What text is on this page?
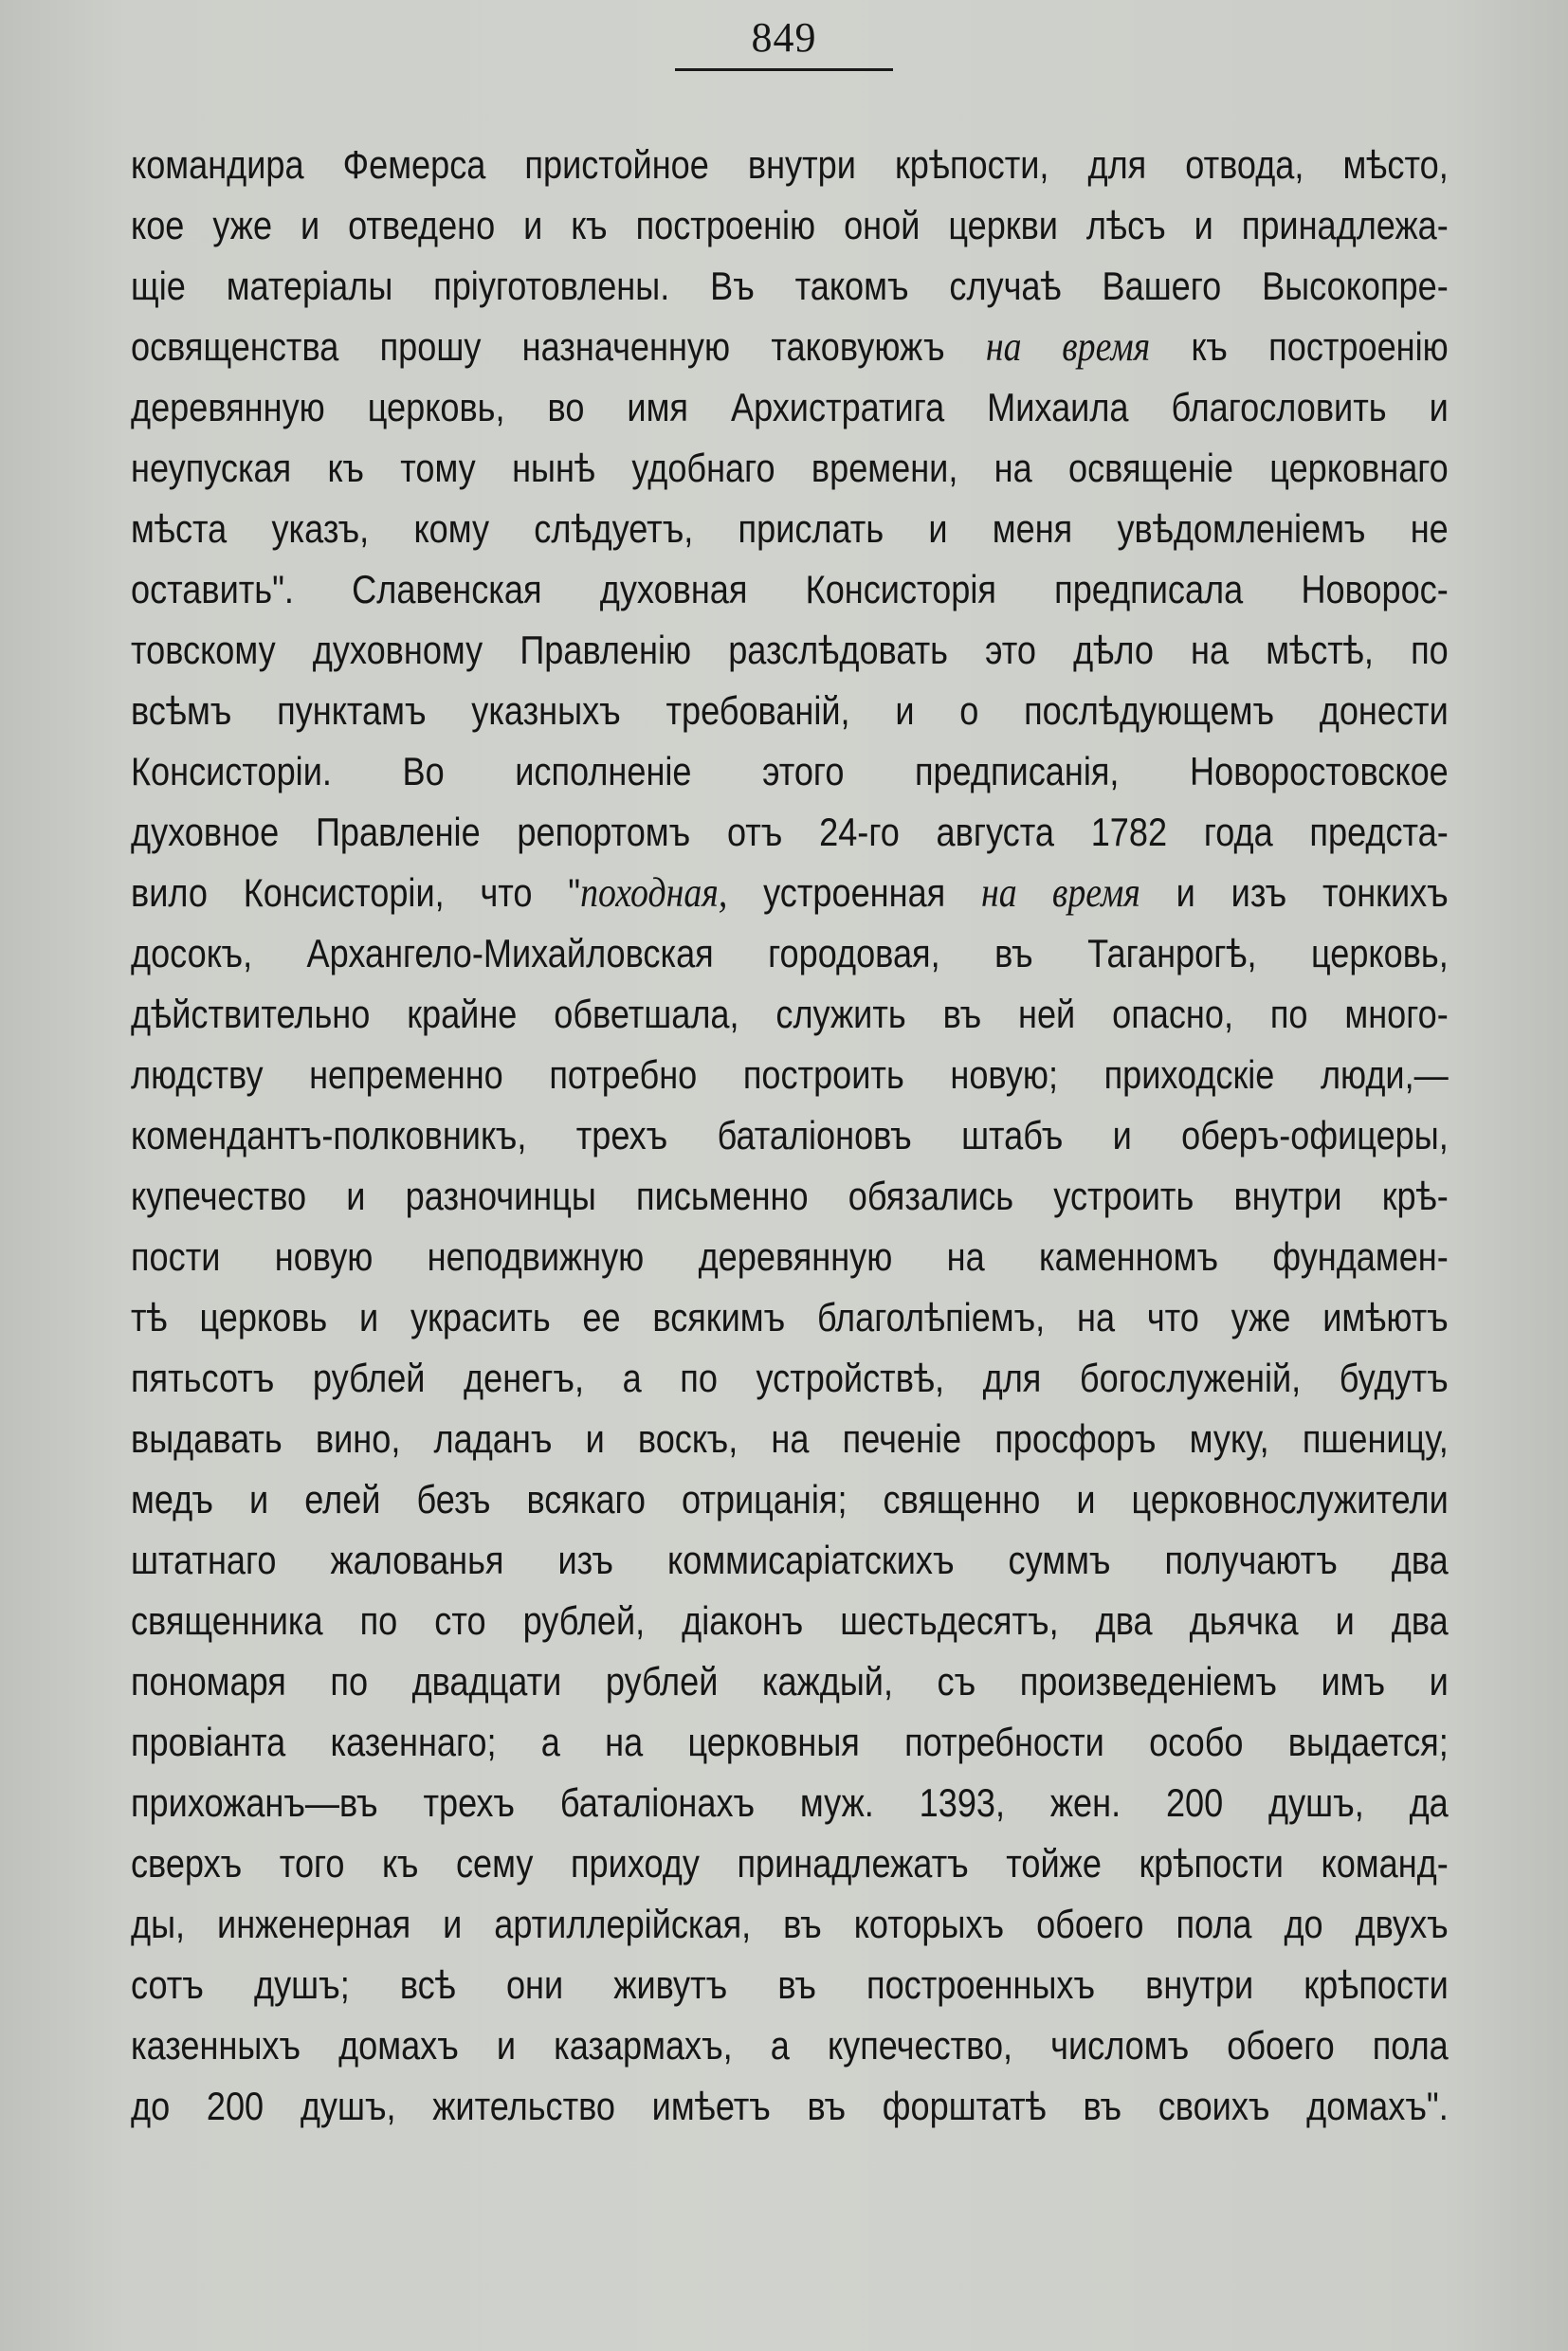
849
командира Фемерса пристойное внутри крѣпости, для отвода, мѣсто,
кое уже и отведено и къ построенію оной церкви лѣсъ и принадлежа-
щіе матеріалы пріуготовлены. Въ такомъ случаѣ Вашего Высокопре-
освященства прошу назначенную таковуюжъ на время къ построенію
деревянную церковь, во имя Архистратига Михаила благословить и
неупуская къ тому нынѣ удобнаго времени, на освященіе церковнаго
мѣста указъ, кому слѣдуетъ, прислать и меня увѣдомленіемъ не
оставить". Славенская духовная Консисторія предписала Новорос-
товскому духовному Правленію разслѣдовать это дѣло на мѣстѣ, по
всѣмъ пунктамъ указныхъ требованій, и о послѣдующемъ донести
Консисторіи. Во исполненіе этого предписанія, Новоростовское
духовное Правленіе репортомъ отъ 24-го августа 1782 года предста-
вило Консисторіи, что "походная, устроенная на время и изъ тонкихъ
досокъ, Архангело-Михайловская городовая, въ Таганрогѣ, церковь,
дѣйствительно крайне обветшала, служить въ ней опасно, по много-
людству непременно потребно построить новую; приходскіе люди,—
комендантъ-полковникъ, трехъ баталіоновъ штабъ и оберъ-офицеры,
купечество и разночинцы письменно обязались устроить внутри крѣ-
пости новую неподвижную деревянную на каменномъ фундамен-
тѣ церковь и украсить ее всякимъ благолѣпіемъ, на что уже имѣютъ
пятьсотъ рублей денегъ, а по устройствѣ, для богослуженій, будутъ
выдавать вино, ладанъ и воскъ, на печеніе просфоръ муку, пшеницу,
медъ и елей безъ всякаго отрицанія; священно и церковнослужители
штатнаго жалованья изъ коммисаріатскихъ суммъ получаютъ два
священника по сто рублей, діаконъ шестьдесятъ, два дьячка и два
пономаря по двадцати рублей каждый, съ произведеніемъ имъ и
провіанта казеннаго; а на церковныя потребности особо выдается;
прихожанъ—въ трехъ баталіонахъ муж. 1393, жен. 200 душъ, да
сверхъ того къ сему приходу принадлежатъ тойже крѣпости команд-
ды, инженерная и артиллерійская, въ которыхъ обоего пола до двухъ
сотъ душъ; всѣ они живутъ въ построенныхъ внутри крѣпости
казенныхъ домахъ и казармахъ, а купечество, числомъ обоего пола
до 200 душъ, жительство имѣетъ въ форштатѣ въ своихъ домахъ".
